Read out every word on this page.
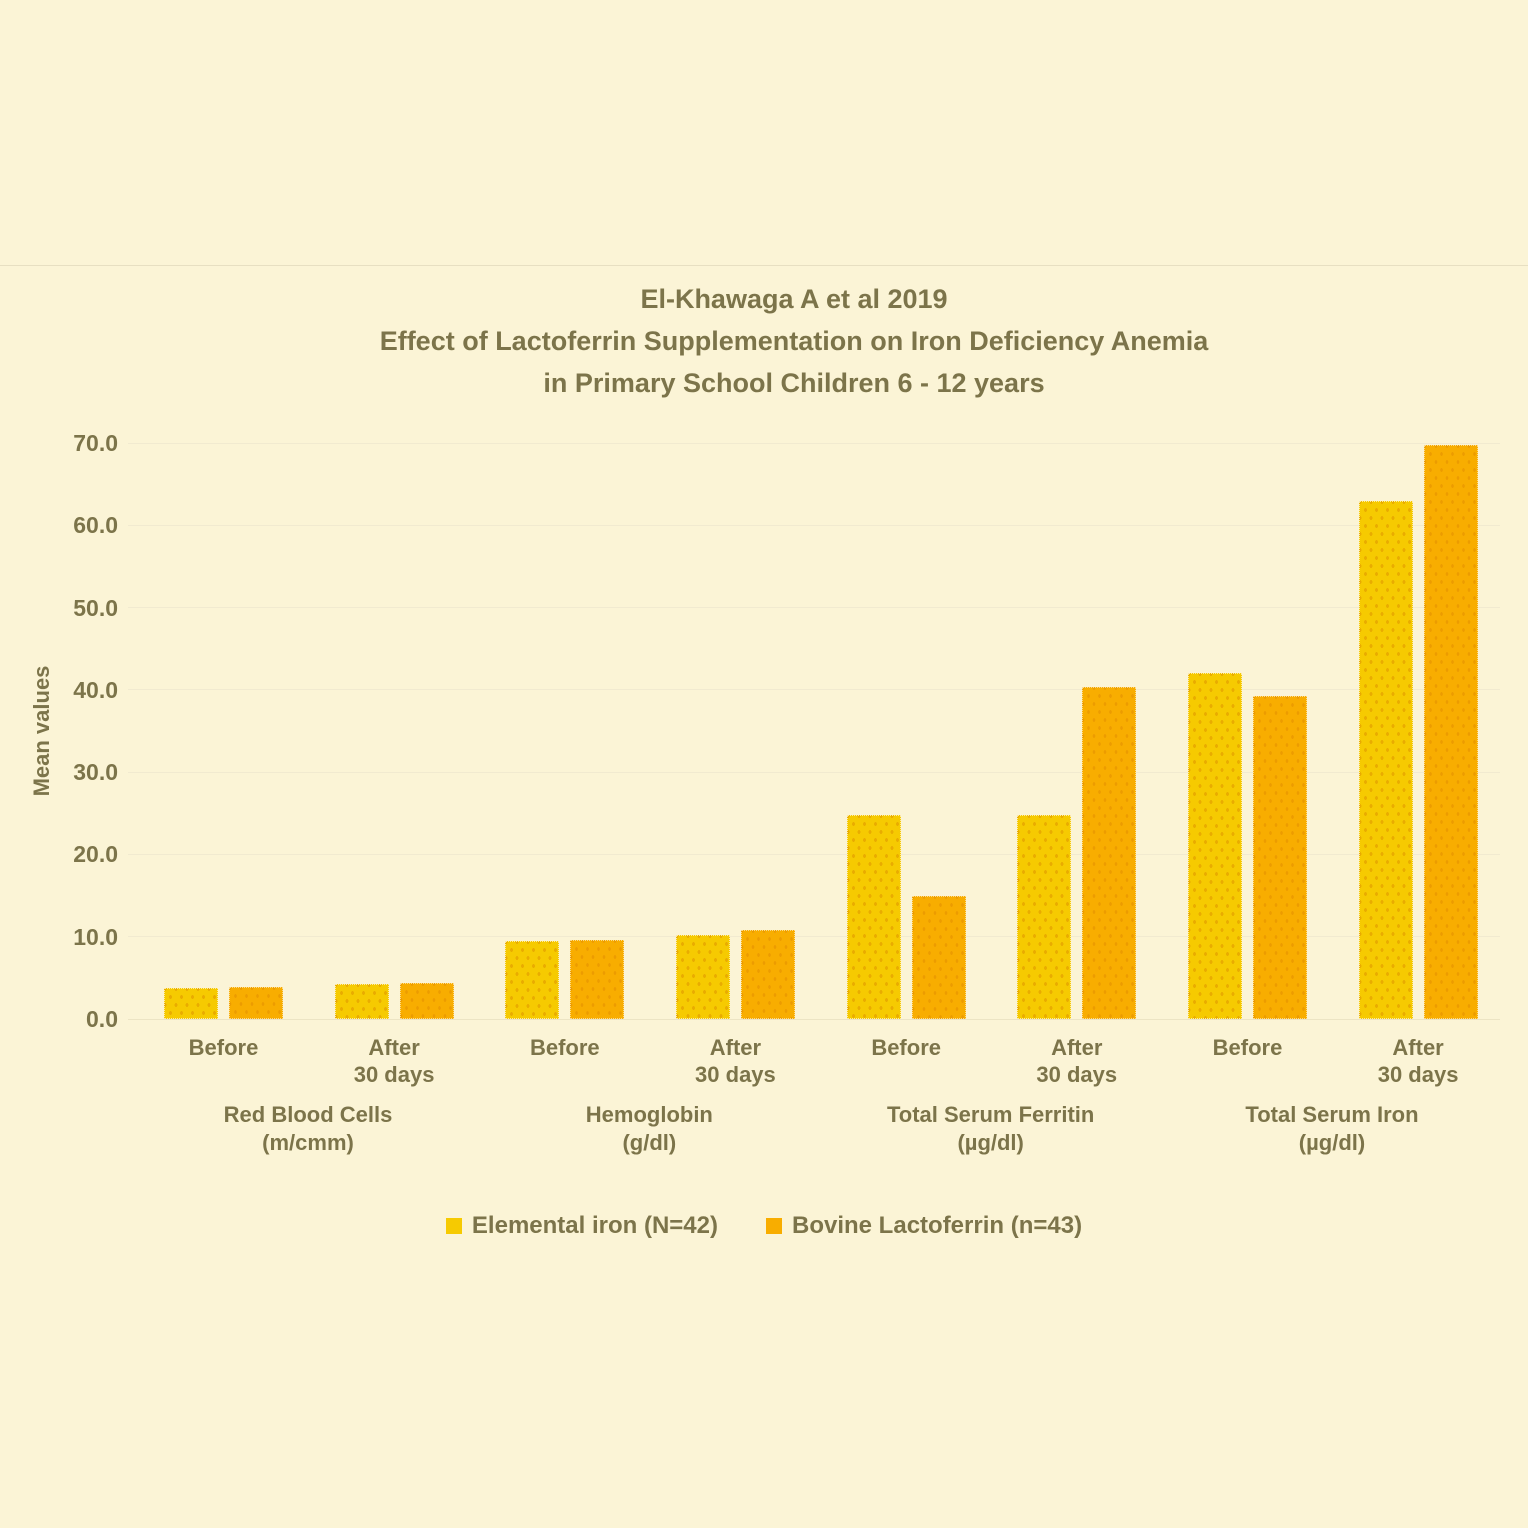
El-Khawaga A et al 2019
Effect of Lactoferrin Supplementation on Iron Deficiency Anemia
in Primary School Children 6 - 12 years
Mean values
0.0
10.0
20.0
30.0
40.0
50.0
60.0
70.0
Before	After
30 days
Red Blood Cells
(m/cmm)
Before	After
30 days
Hemoglobin
(g/dl)
Before	After
30 days
Total Serum Ferritin
(µg/dl)
Before	After
30 days
Total Serum Iron
(µg/dl)
Elemental iron (N=42)	Bovine Lactoferrin (n=43)
